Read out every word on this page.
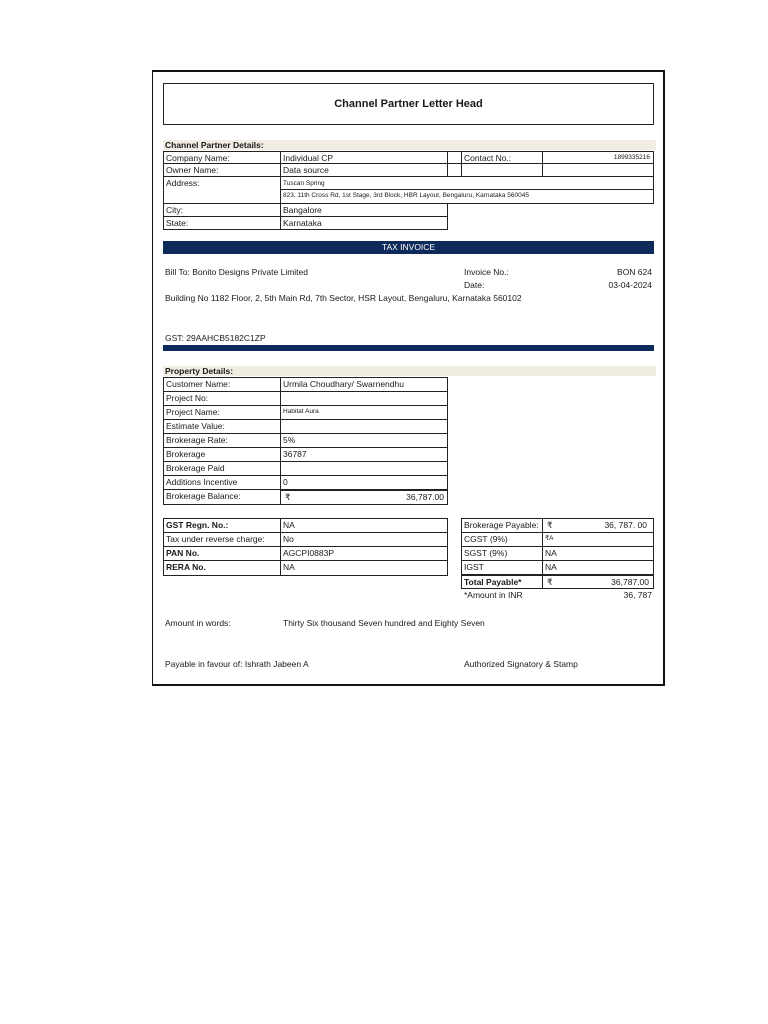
Channel Partner Letter Head
Channel Partner Details:
Company Name:	Individual CP	Contact No.:	1899335216
Owner Name:	Data source
Address:	Tuscan Spring
823, 11th Cross Rd, 1st Stage, 3rd Block, HBR Layout, Bengaluru, Karnataka 560045
City:	Bangalore
State:	Karnataka
TAX INVOICE
Bill To: Bonito Designs Private Limited	Invoice No.:	BON 624
Date:	03-04-2024
Building No 1182 Floor, 2, 5th Main Rd, 7th Sector, HSR Layout, Bengaluru, Karnataka 560102
GST: 29AAHCB5182C1ZP
Property Details:
Customer Name:	Urmila Choudhary/ Swarnendhu
Project No:
Project Name:	Habitat Aura
Estimate Value:
Brokerage Rate:	5%
Brokerage	36787
Brokerage Paid
Additions Incentive	0
Brokerage Balance:	₹	36,787.00
GST Regn. No.:	NA
Tax under reverse charge:	No
PAN No.	AGCPI0883P
RERA No.	NA
Brokerage Payable: ₹	36, 787. 00
CGST (9%)	₹A
SGST (9%)	NA
IGST	NA
Total Payable*	₹	36,787.00
*Amount in INR	36, 787
Amount in words:	Thirty Six thousand Seven hundred and Eighty Seven
Payable in favour of: Ishrath Jabeen A	Authorized Signatory & Stamp
